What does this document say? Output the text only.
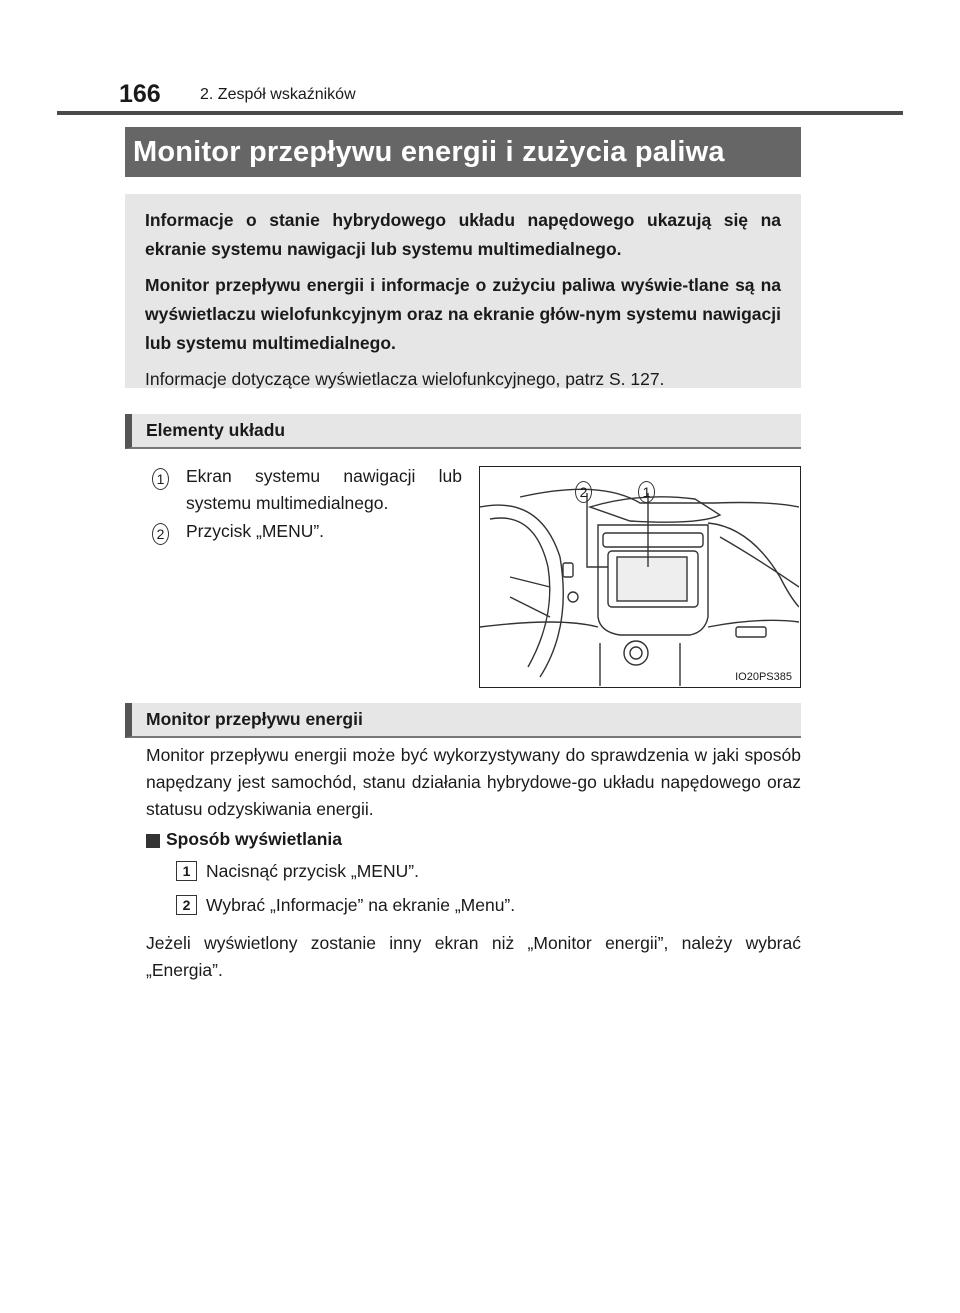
166 2. Zespół wskaźników
Monitor przepływu energii i zużycia paliwa

Informacje o stanie hybrydowego układu napędowego ukazują się na ekranie systemu nawigacji lub systemu multimedialnego.

Monitor przepływu energii i informacje o zużyciu paliwa wyświe-tlane są na wyświetlaczu wielofunkcyjnym oraz na ekranie głów-nym systemu nawigacji lub systemu multimedialnego.

Informacje dotyczące wyświetlacza wielofunkcyjnego, patrz S. 127.

Elementy układu
1 Ekran systemu nawigacji lub systemu multimedialnego.
2 Przycisk „MENU”.
2	1
IO20PS385
Monitor przepływu energii
Monitor przepływu energii może być wykorzystywany do sprawdzenia w jaki sposób napędzany jest samochód, stanu działania hybrydowe-go układu napędowego oraz statusu odzyskiwania energii.
Sposób wyświetlania
1 Nacisnąć przycisk „MENU”.
2 Wybrać „Informacje” na ekranie „Menu”.
Jeżeli wyświetlony zostanie inny ekran niż „Monitor energii”, należy wybrać „Energia”.
